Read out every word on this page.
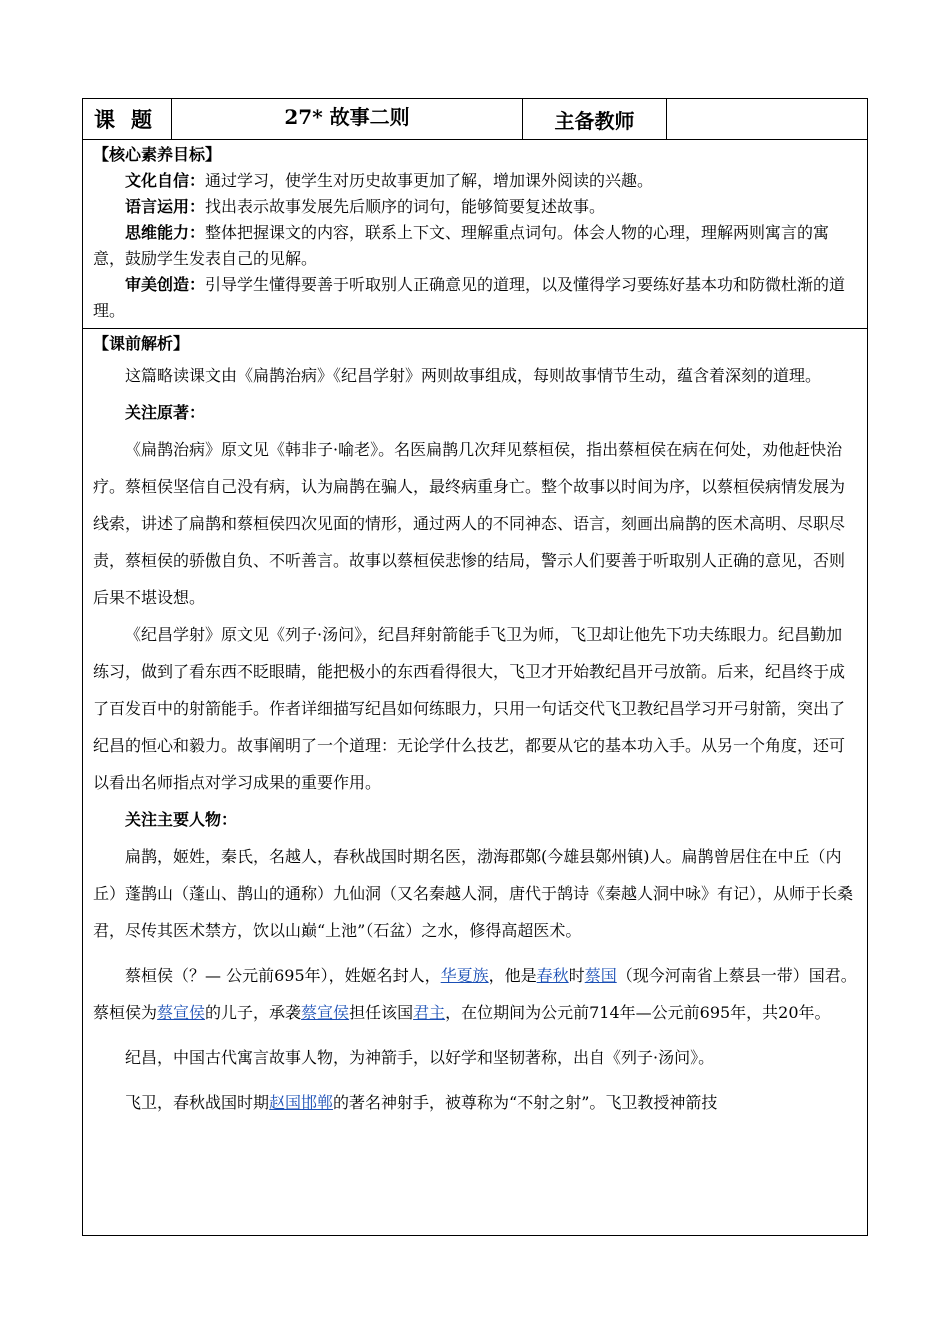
课题	27* 故事二则	主备教师
【核心素养目标】

文化自信：通过学习，使学生对历史故事更加了解，增加课外阅读的兴趣。

语言运用：找出表示故事发展先后顺序的词句，能够简要复述故事。

思维能力：整体把握课文的内容，联系上下文、理解重点词句。体会人物的心理，理解两则寓言的寓意，鼓励学生发表自己的见解。

审美创造：引导学生懂得要善于听取别人正确意见的道理，以及懂得学习要练好基本功和防微杜渐的道理。

【课前解析】

这篇略读课文由《扁鹊治病》《纪昌学射》两则故事组成，每则故事情节生动，蕴含着深刻的道理。

关注原著：

《扁鹊治病》原文见《韩非子·喻老》。名医扁鹊几次拜见蔡桓侯，指出蔡桓侯在病在何处，劝他赶快治疗。蔡桓侯坚信自己没有病，认为扁鹊在骗人，最终病重身亡。整个故事以时间为序，以蔡桓侯病情发展为线索，讲述了扁鹊和蔡桓侯四次见面的情形，通过两人的不同神态、语言，刻画出扁鹊的医术高明、尽职尽责，蔡桓侯的骄傲自负、不听善言。故事以蔡桓侯悲惨的结局，警示人们要善于听取别人正确的意见，否则后果不堪设想。

《纪昌学射》原文见《列子·汤问》，纪昌拜射箭能手飞卫为师，飞卫却让他先下功夫练眼力。纪昌勤加练习，做到了看东西不眨眼睛，能把极小的东西看得很大，飞卫才开始教纪昌开弓放箭。后来，纪昌终于成了百发百中的射箭能手。作者详细描写纪昌如何练眼力，只用一句话交代飞卫教纪昌学习开弓射箭，突出了纪昌的恒心和毅力。故事阐明了一个道理：无论学什么技艺，都要从它的基本功入手。从另一个角度，还可以看出名师指点对学习成果的重要作用。

关注主要人物：

扁鹊，姬姓，秦氏，名越人，春秋战国时期名医，渤海郡鄚(今雄县鄚州镇)人。扁鹊曾居住在中丘（内丘）蓬鹊山（蓬山、鹊山的通称）九仙洞（又名秦越人洞，唐代于鹄诗《秦越人洞中咏》有记），从师于长桑君，尽传其医术禁方，饮以山巅“上池”（石盆）之水，修得高超医术。

蔡桓侯（？— 公元前695年），姓姬名封人，华夏族，他是春秋时蔡国（现今河南省上蔡县一带）国君。蔡桓侯为蔡宣侯的儿子，承袭蔡宣侯担任该国君主，在位期间为公元前714年—公元前695年，共20年。

纪昌，中国古代寓言故事人物，为神箭手，以好学和坚韧著称，出自《列子·汤问》。

飞卫，春秋战国时期赵国邯郸的著名神射手，被尊称为“不射之射”。飞卫教授神箭技
